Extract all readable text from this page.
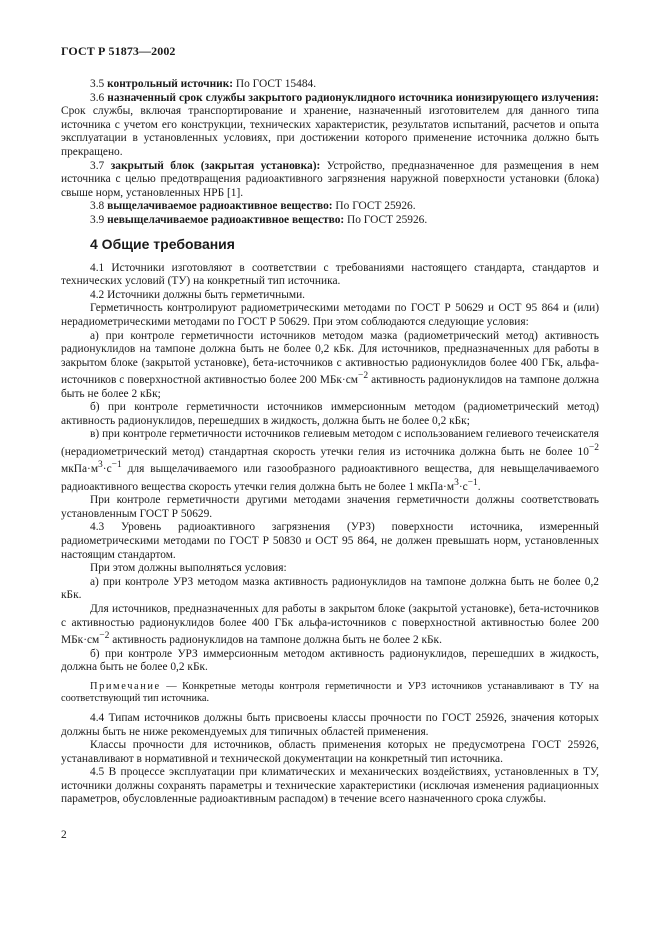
ГОСТ Р 51873—2002

3.5 контрольный источник: По ГОСТ 15484.

3.6 назначенный срок службы закрытого радионуклидного источника ионизирующего излучения: Срок службы, включая транспортирование и хранение, назначенный изготовителем для данного типа источника с учетом его конструкции, технических характеристик, результатов испытаний, расчетов и опыта эксплуатации в установленных условиях, при достижении которого применение источника должно быть прекращено.

3.7 закрытый блок (закрытая установка): Устройство, предназначенное для размещения в нем источника с целью предотвращения радиоактивного загрязнения наружной поверхности установки (блока) свыше норм, установленных НРБ [1].

3.8 выщелачиваемое радиоактивное вещество: По ГОСТ 25926.

3.9 невыщелачиваемое радиоактивное вещество: По ГОСТ 25926.

4 Общие требования

4.1 Источники изготовляют в соответствии с требованиями настоящего стандарта, стандартов и технических условий (ТУ) на конкретный тип источника.

4.2 Источники должны быть герметичными.

Герметичность контролируют радиометрическими методами по ГОСТ Р 50629 и ОСТ 95 864 и (или) нерадиометрическими методами по ГОСТ Р 50629. При этом соблюдаются следующие условия:

а) при контроле герметичности источников методом мазка (радиометрический метод) активность радионуклидов на тампоне должна быть не более 0,2 кБк. Для источников, предназначенных для работы в закрытом блоке (закрытой установке), бета-источников с активностью радионуклидов более 400 ГБк, альфа-источников с поверхностной активностью более 200 $МБк\cdot см^{-2}$ активность радионуклидов на тампоне должна быть не более 2 кБк;

б) при контроле герметичности источников иммерсионным методом (радиометрический метод) активность радионуклидов, перешедших в жидкость, должна быть не более 0,2 кБк;

в) при контроле герметичности источников гелиевым методом с использованием гелиевого течеискателя (нерадиометрический метод) стандартная скорость утечки гелия из источника должна быть не более $10^{-2}$ $мкПа\cdot м^3\cdot с^{-1}$ для выщелачиваемого или газообразного радиоактивного вещества, для невыщелачиваемого радиоактивного вещества скорость утечки гелия должна быть не более 1 $мкПа\cdot м^3\cdot с^{-1}$.

При контроле герметичности другими методами значения герметичности должны соответствовать установленным ГОСТ Р 50629.

4.3 Уровень радиоактивного загрязнения (УРЗ) поверхности источника, измеренный радиометрическими методами по ГОСТ Р 50830 и ОСТ 95 864, не должен превышать норм, установленных настоящим стандартом.

При этом должны выполняться условия:

а) при контроле УРЗ методом мазка активность радионуклидов на тампоне должна быть не более 0,2 кБк.

Для источников, предназначенных для работы в закрытом блоке (закрытой установке), бета-источников с активностью радионуклидов более 400 ГБк альфа-источников с поверхностной активностью более 200 $МБк\cdot см^{-2}$ активность радионуклидов на тампоне должна быть не более 2 кБк.

б) при контроле УРЗ иммерсионным методом активность радионуклидов, перешедших в жидкость, должна быть не более 0,2 кБк.

Примечание — Конкретные методы контроля герметичности и УРЗ источников устанавливают в ТУ на соответствующий тип источника.

4.4 Типам источников должны быть присвоены классы прочности по ГОСТ 25926, значения которых должны быть не ниже рекомендуемых для типичных областей применения.

Классы прочности для источников, область применения которых не предусмотрена ГОСТ 25926, устанавливают в нормативной и технической документации на конкретный тип источника.

4.5 В процессе эксплуатации при климатических и механических воздействиях, установленных в ТУ, источники должны сохранять параметры и технические характеристики (исключая изменения радиационных параметров, обусловленные радиоактивным распадом) в течение всего назначенного срока службы.

2
